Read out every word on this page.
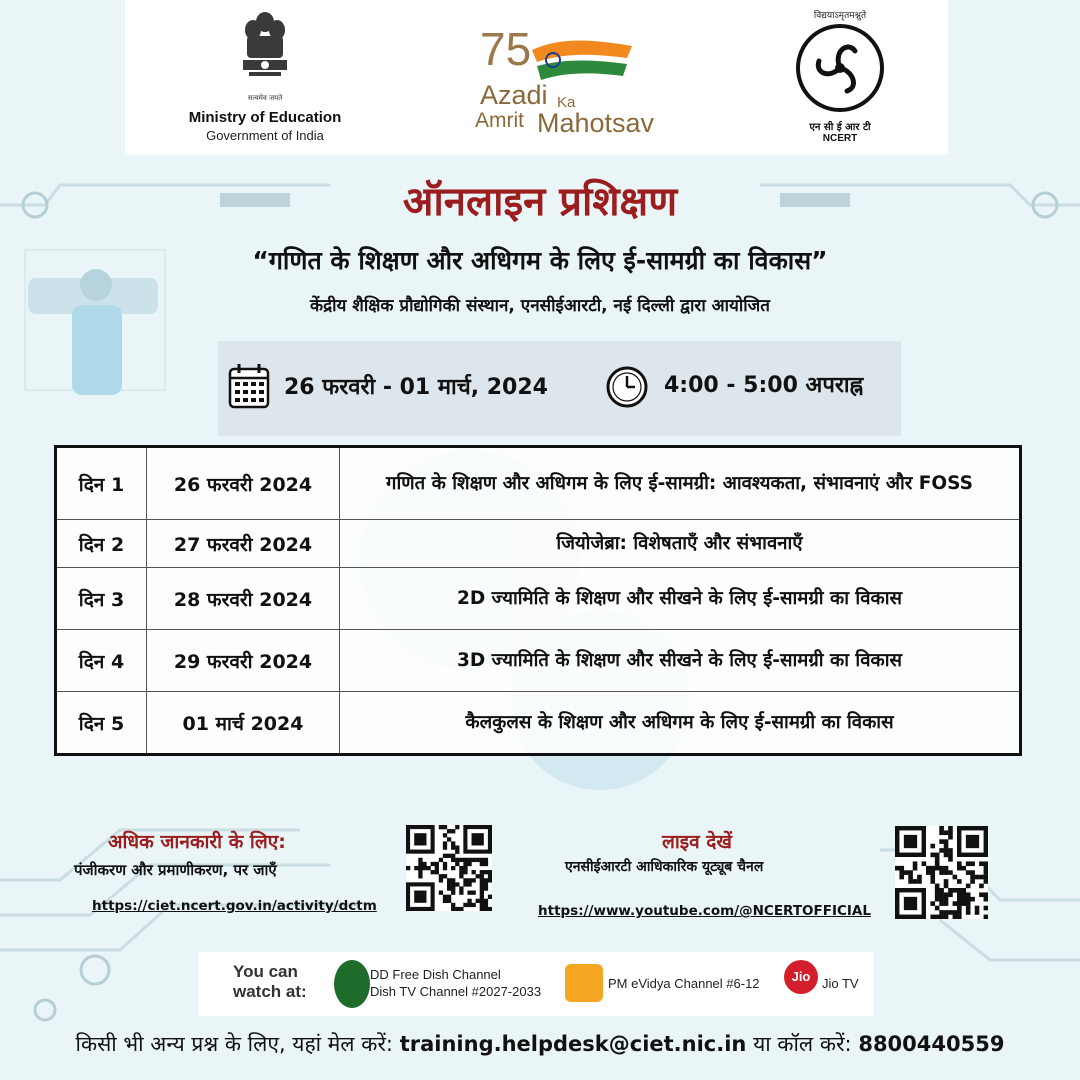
सत्यमेव जयते
Ministry of Education
Government of India
75
Azadi Ka
Amrit Mahotsav
विद्ययाऽमृतमश्नुते
एन सी ई आर टी
NCERT
ऑनलाइन प्रशिक्षण
“गणित के शिक्षण और अधिगम के लिए ई-सामग्री का विकास”
केंद्रीय शैक्षिक प्रौद्योगिकी संस्थान, एनसीईआरटी, नई दिल्ली द्वारा आयोजित
26 फरवरी - 01 मार्च, 2024	4:00 - 5:00 अपराह्न
दिन 1	26 फरवरी 2024	गणित के शिक्षण और अधिगम के लिए ई-सामग्री: आवश्यकता, संभावनाएं और FOSS
दिन 2	27 फरवरी 2024	जियोजेब्रा: विशेषताएँ और संभावनाएँ
दिन 3	28 फरवरी 2024	2D ज्यामिति के शिक्षण और सीखने के लिए ई-सामग्री का विकास
दिन 4	29 फरवरी 2024	3D ज्यामिति के शिक्षण और सीखने के लिए ई-सामग्री का विकास
दिन 5	01 मार्च 2024	कैलकुलस के शिक्षण और अधिगम के लिए ई-सामग्री का विकास
अधिक जानकारी के लिए:
पंजीकरण और प्रमाणीकरण, पर जाएँ
https://ciet.ncert.gov.in/activity/dctm
लाइव देखें
एनसीईआरटी आधिकारिक यूट्यूब चैनल
https://www.youtube.com/@NCERTOFFICIAL
You can
watch at:
DD Free Dish Channel
Dish TV Channel #2027-2033
PM eVidya Channel #6-12	Jio Jio TV
किसी भी अन्य प्रश्न के लिए, यहां मेल करें: training.helpdesk@ciet.nic.in या कॉल करें: 8800440559
